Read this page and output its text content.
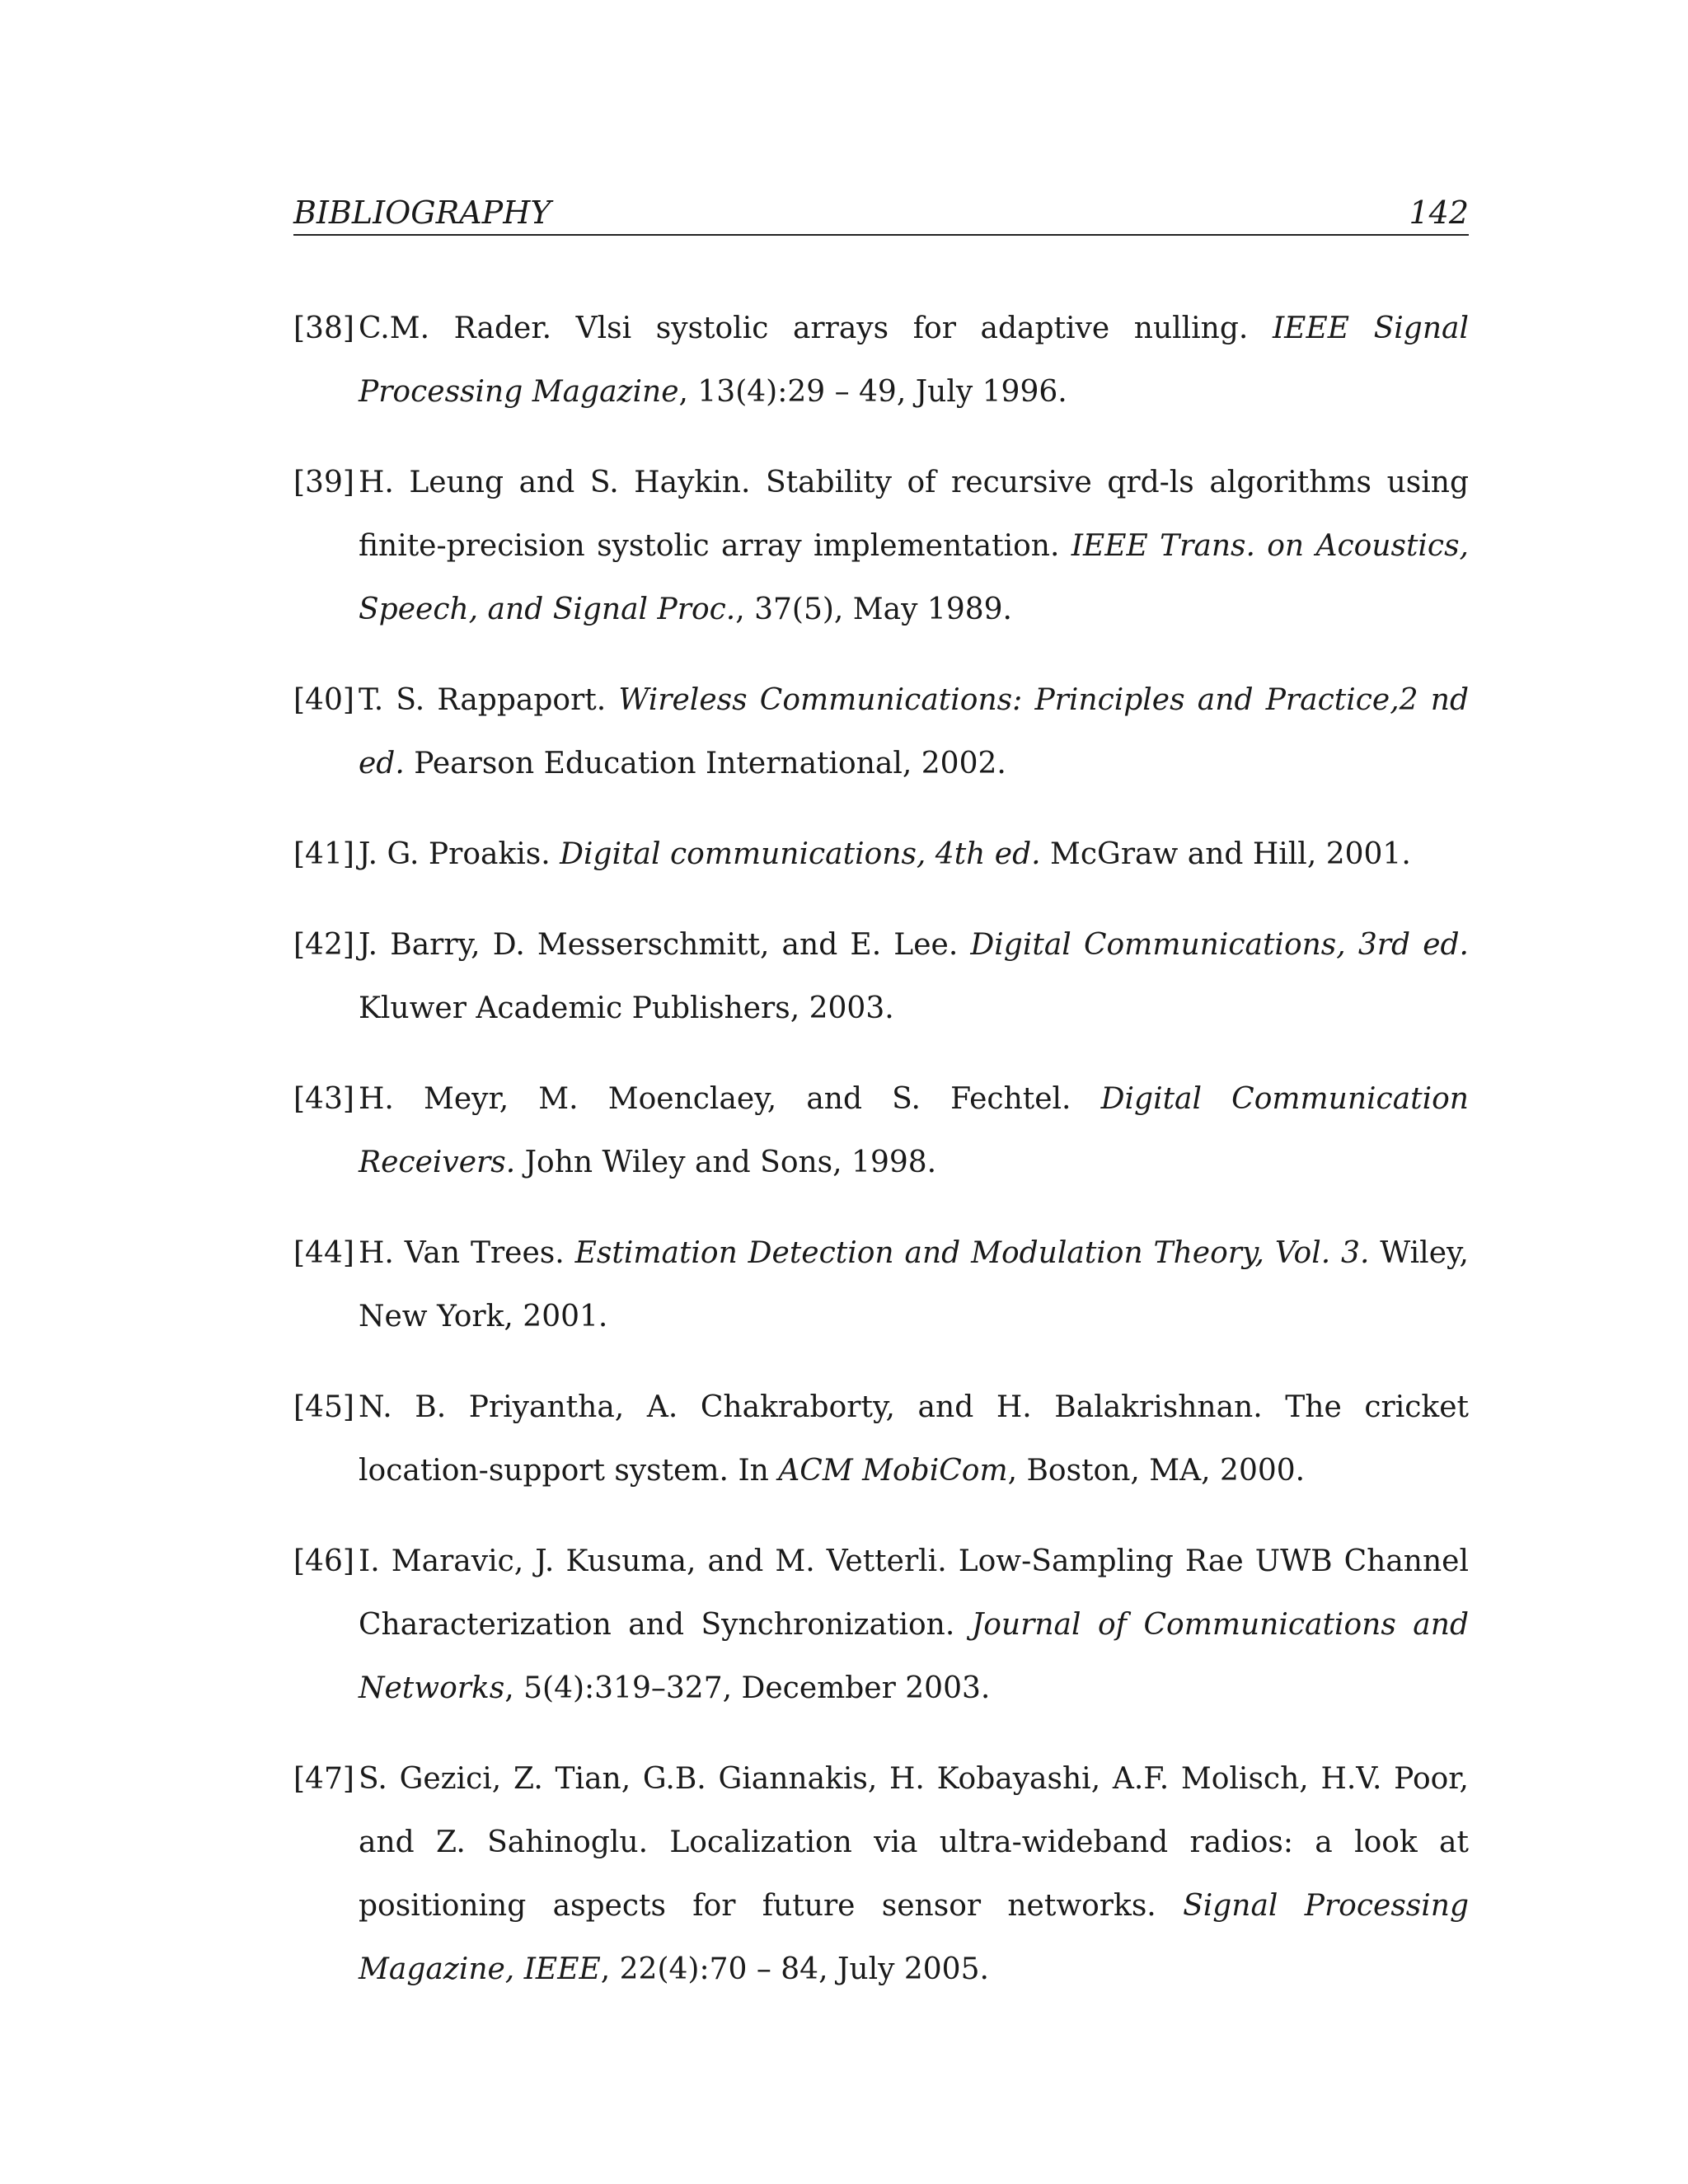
BIBLIOGRAPHY	142
[38] C.M. Rader. Vlsi systolic arrays for adaptive nulling. IEEE Signal Processing Magazine, 13(4):29 – 49, July 1996.
[39] H. Leung and S. Haykin. Stability of recursive qrd-ls algorithms using finite-precision systolic array implementation. IEEE Trans. on Acoustics, Speech, and Signal Proc., 37(5), May 1989.
[40] T. S. Rappaport. Wireless Communications: Principles and Practice,2 nd ed. Pearson Education International, 2002.
[41] J. G. Proakis. Digital communications, 4th ed. McGraw and Hill, 2001.
[42] J. Barry, D. Messerschmitt, and E. Lee. Digital Communications, 3rd ed. Kluwer Academic Publishers, 2003.
[43] H. Meyr, M. Moenclaey, and S. Fechtel. Digital Communication Receivers. John Wiley and Sons, 1998.
[44] H. Van Trees. Estimation Detection and Modulation Theory, Vol. 3. Wiley, New York, 2001.
[45] N. B. Priyantha, A. Chakraborty, and H. Balakrishnan. The cricket location-support system. In ACM MobiCom, Boston, MA, 2000.
[46] I. Maravic, J. Kusuma, and M. Vetterli. Low-Sampling Rae UWB Channel Characterization and Synchronization. Journal of Communications and Networks, 5(4):319–327, December 2003.
[47] S. Gezici, Z. Tian, G.B. Giannakis, H. Kobayashi, A.F. Molisch, H.V. Poor, and Z. Sahinoglu. Localization via ultra-wideband radios: a look at positioning aspects for future sensor networks. Signal Processing Magazine, IEEE, 22(4):70 – 84, July 2005.
